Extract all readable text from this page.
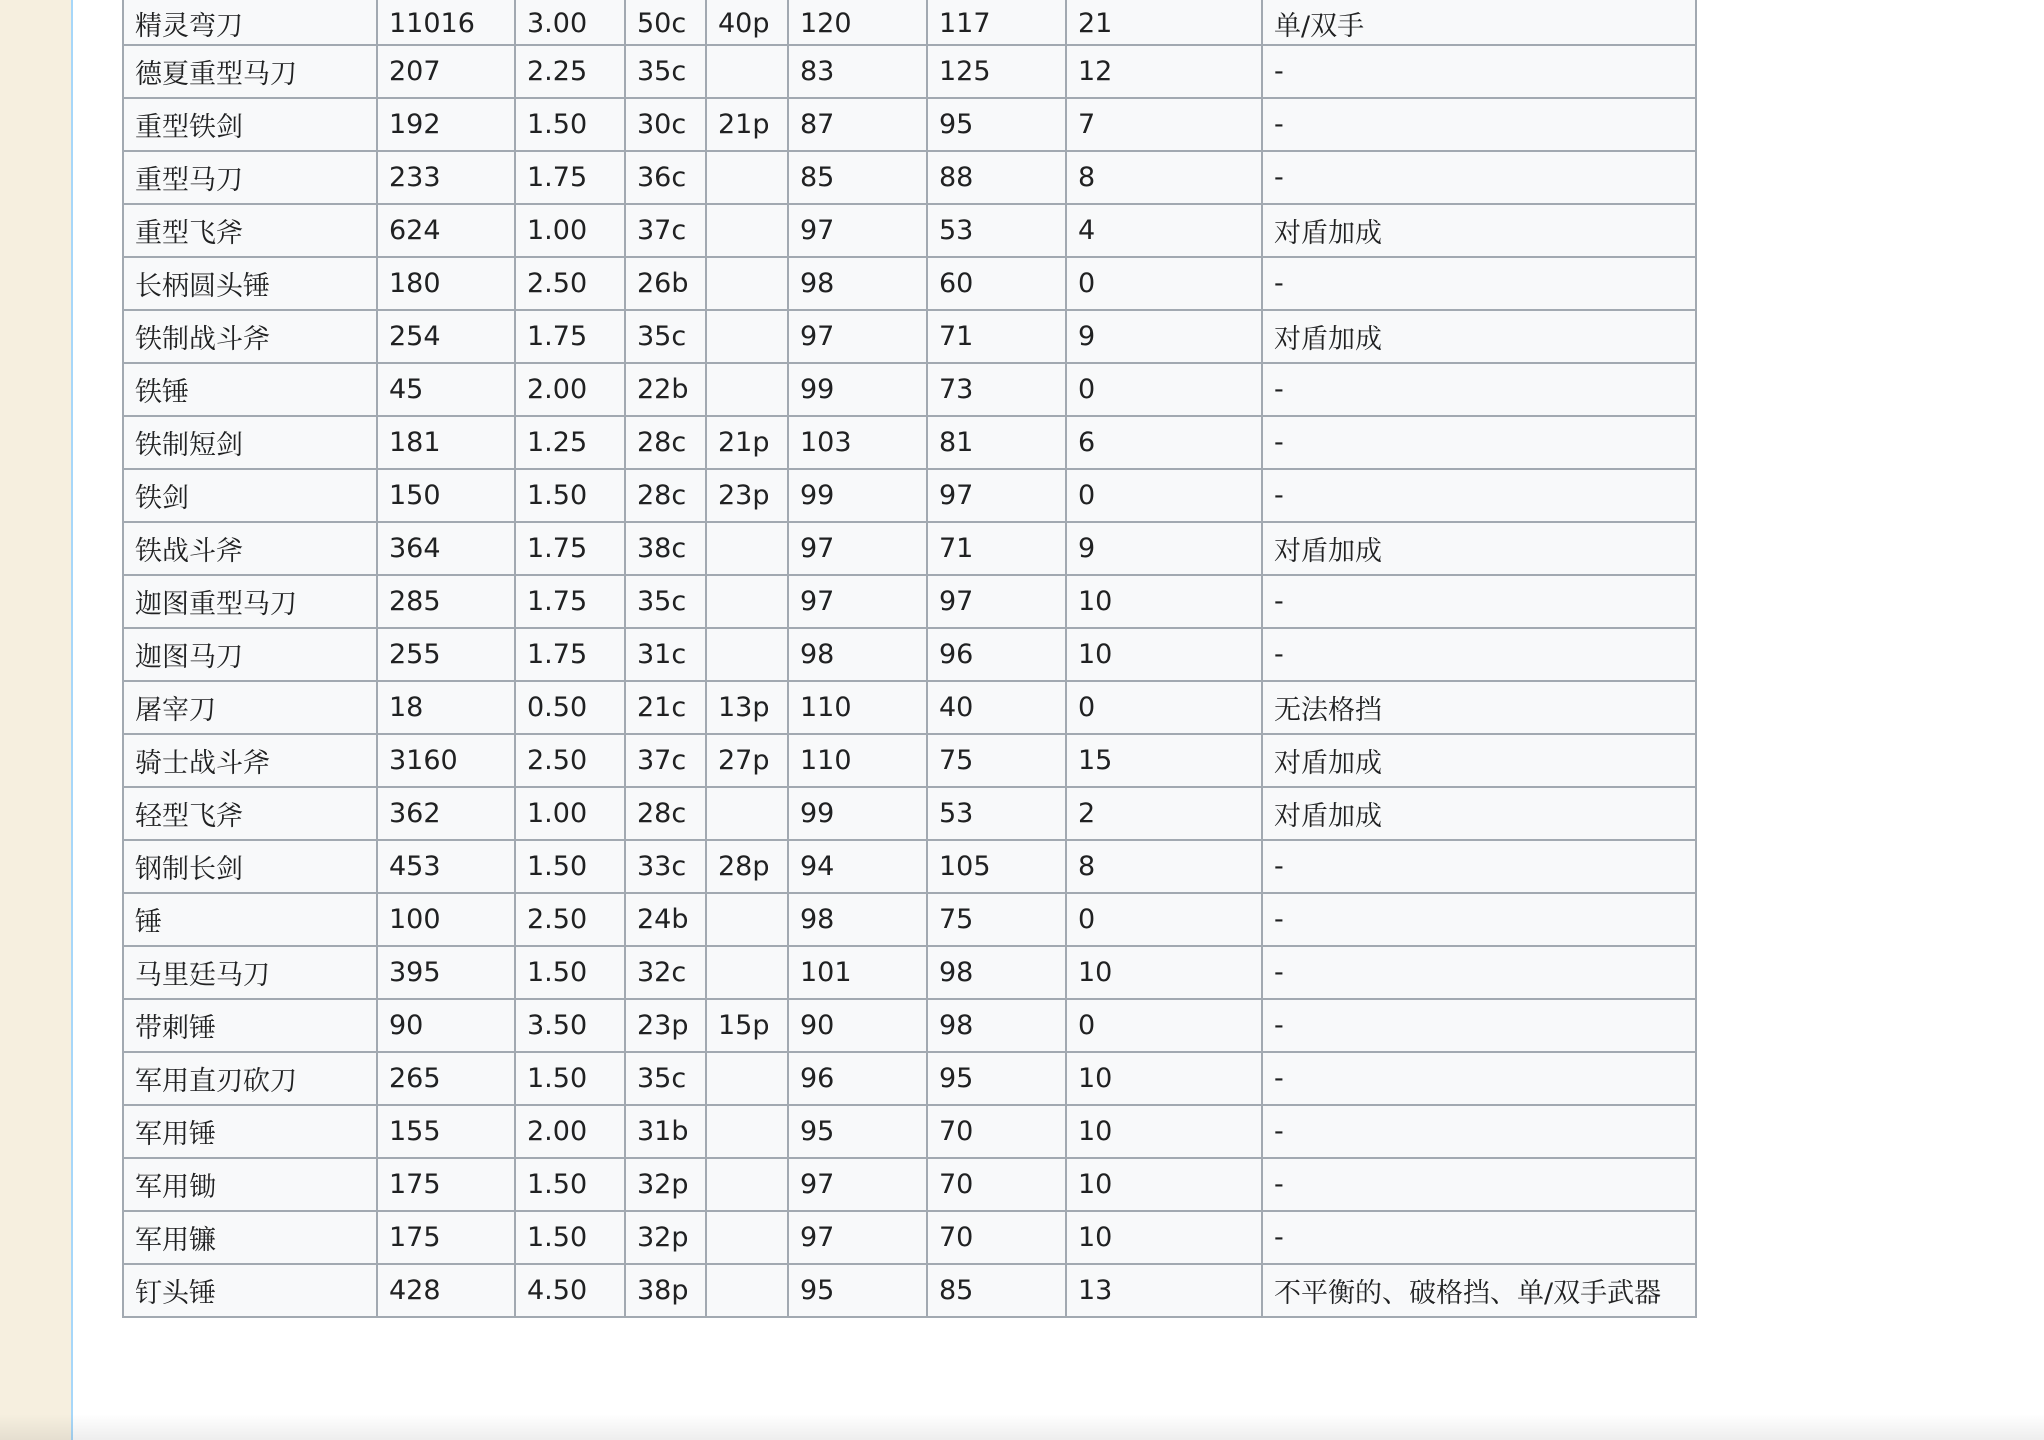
精灵弯刀	11016	3.00	50c	40p	120	117	21	单/双手
德夏重型马刀	207	2.25	35c		83	125	12	-
重型铁剑	192	1.50	30c	21p	87	95	7	-
重型马刀	233	1.75	36c		85	88	8	-
重型飞斧	624	1.00	37c		97	53	4	对盾加成
长柄圆头锤	180	2.50	26b		98	60	0	-
铁制战斗斧	254	1.75	35c		97	71	9	对盾加成
铁锤	45	2.00	22b		99	73	0	-
铁制短剑	181	1.25	28c	21p	103	81	6	-
铁剑	150	1.50	28c	23p	99	97	0	-
铁战斗斧	364	1.75	38c		97	71	9	对盾加成
迦图重型马刀	285	1.75	35c		97	97	10	-
迦图马刀	255	1.75	31c		98	96	10	-
屠宰刀	18	0.50	21c	13p	110	40	0	无法格挡
骑士战斗斧	3160	2.50	37c	27p	110	75	15	对盾加成
轻型飞斧	362	1.00	28c		99	53	2	对盾加成
钢制长剑	453	1.50	33c	28p	94	105	8	-
锤	100	2.50	24b		98	75	0	-
马里廷马刀	395	1.50	32c		101	98	10	-
带刺锤	90	3.50	23p	15p	90	98	0	-
军用直刃砍刀	265	1.50	35c		96	95	10	-
军用锤	155	2.00	31b		95	70	10	-
军用锄	175	1.50	32p		97	70	10	-
军用镰	175	1.50	32p		97	70	10	-
钉头锤	428	4.50	38p		95	85	13	不平衡的、破格挡、单/双手武器
